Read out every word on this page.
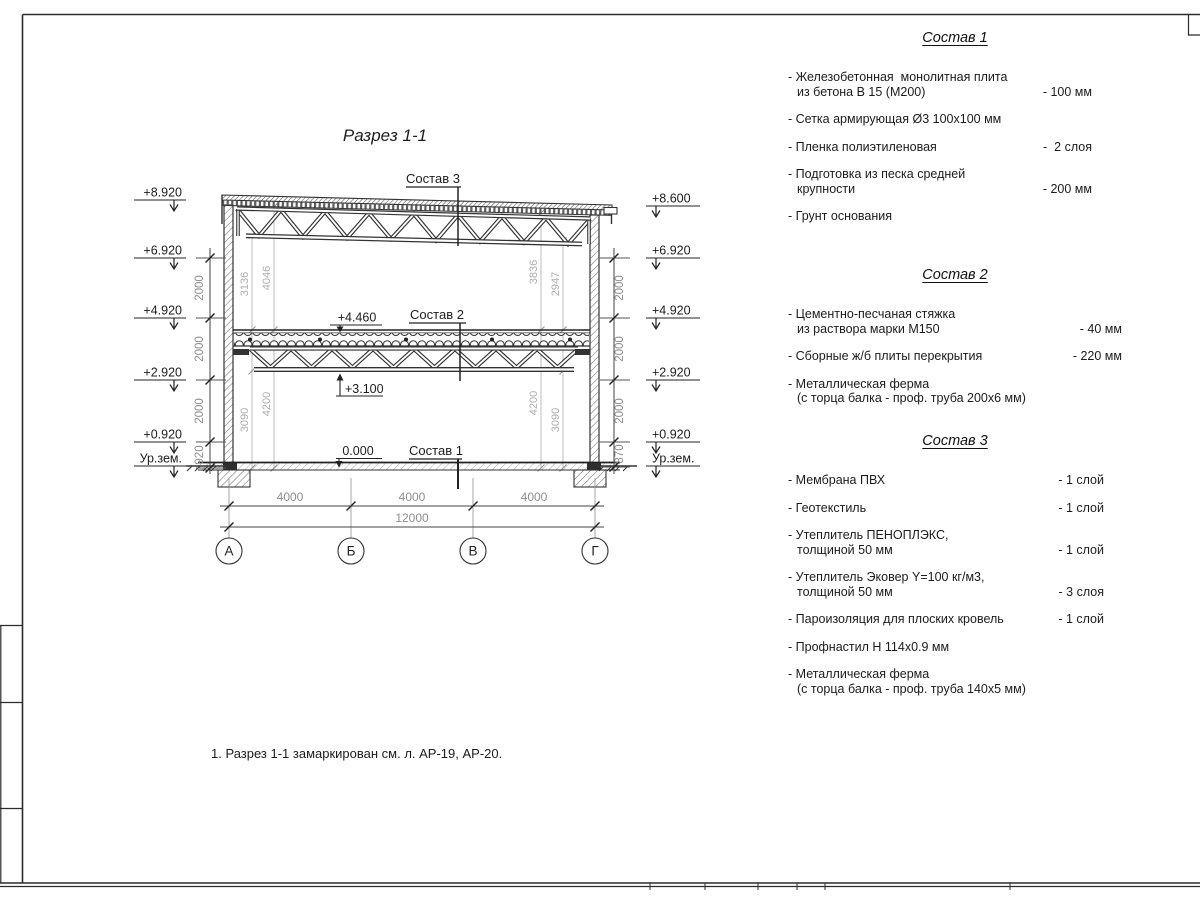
Разрез 1-1
3136 4046
3090
4200
3836 2947
4200
3090
Состав 3
Состав 2
Состав 1
+4.460
+3.100
0.000
+8.920
+6.920
+4.920
+2.920
+0.920
Ур.зем.
+8.600
+6.920
+4.920
+2.920
+0.920
Ур.зем.
2000
2000
2000
920
2000
2000
2000
870
4000	4000	4000
12000
А	Б	В	Г
Состав 1
- Железобетонная  монолитная плита
из бетона В 15 (М200)	- 100 мм
- Сетка армирующая Ø3 100х100 мм
- Пленка полиэтиленовая	-  2 слоя
- Подготовка из песка средней
крупности	- 200 мм
- Грунт основания
Состав 2
- Цементно-песчаная стяжка
из раствора марки М150	- 40 мм
- Сборные ж/б плиты перекрытия	- 220 мм
- Металлическая ферма
(с торца балка - проф. труба 200х6 мм)
Состав 3
- Мембрана ПВХ	- 1 слой
- Геотекстиль	- 1 слой
- Утеплитель ПЕНОПЛЭКС,
толщиной 50 мм	- 1 слой
- Утеплитель Эковер Y=100 кг/м3,
толщиной 50 мм	- 3 слоя
- Пароизоляция для плоских кровель	- 1 слой
- Профнастил Н 114х0.9 мм
- Металлическая ферма
(с торца балка - проф. труба 140х5 мм)
1. Разрез 1-1 замаркирован см. л. АР-19, АР-20.
